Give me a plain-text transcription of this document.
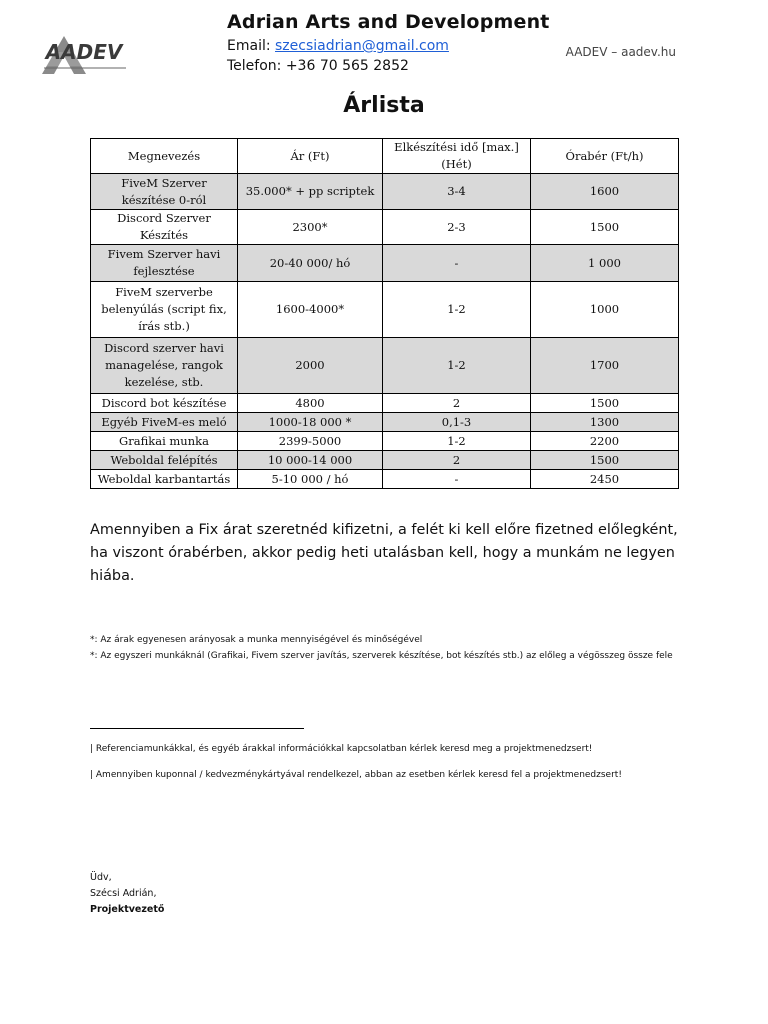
AADEV
Adrian Arts and Development
Email: szecsiadrian@gmail.com
Telefon: +36 70 565 2852
AADEV – aadev.hu
Árlista
Megnevezés	Ár (Ft)	Elkészítési idő [max.] (Hét)	Órabér (Ft/h)
FiveM Szerver készítése 0-ról	35.000* + pp scriptek	3-4	1600
Discord Szerver Készítés	2300*	2-3	1500
Fivem Szerver havi fejlesztése	20-40 000/ hó	-	1 000
FiveM szerverbe belenyúlás (script fix, írás stb.)	1600-4000*	1-2	1000
Discord szerver havi managelése, rangok kezelése, stb.	2000	1-2	1700
Discord bot készítése	4800	2	1500
Egyéb FiveM-es meló	1000-18 000 *	0,1-3	1300
Grafikai munka	2399-5000	1-2	2200
Weboldal felépítés	10 000-14 000	2	1500
Weboldal karbantartás	5-10 000 / hó	-	2450
Amennyiben a Fix árat szeretnéd kifizetni, a felét ki kell előre fizetned előlegként, ha viszont órabérben, akkor pedig heti utalásban kell, hogy a munkám ne legyen hiába.
*: Az árak egyenesen arányosak a munka mennyiségével és minőségével
*: Az egyszeri munkáknál (Grafikai, Fivem szerver javítás, szerverek készítése, bot készítés stb.) az előleg a végösszeg össze fele
| Referenciamunkákkal, és egyéb árakkal információkkal kapcsolatban kérlek keresd meg a projektmenedzsert!
| Amennyiben kuponnal / kedvezménykártyával rendelkezel, abban az esetben kérlek keresd fel a projektmenedzsert!
Üdv,
Szécsi Adrián,
Projektvezető
